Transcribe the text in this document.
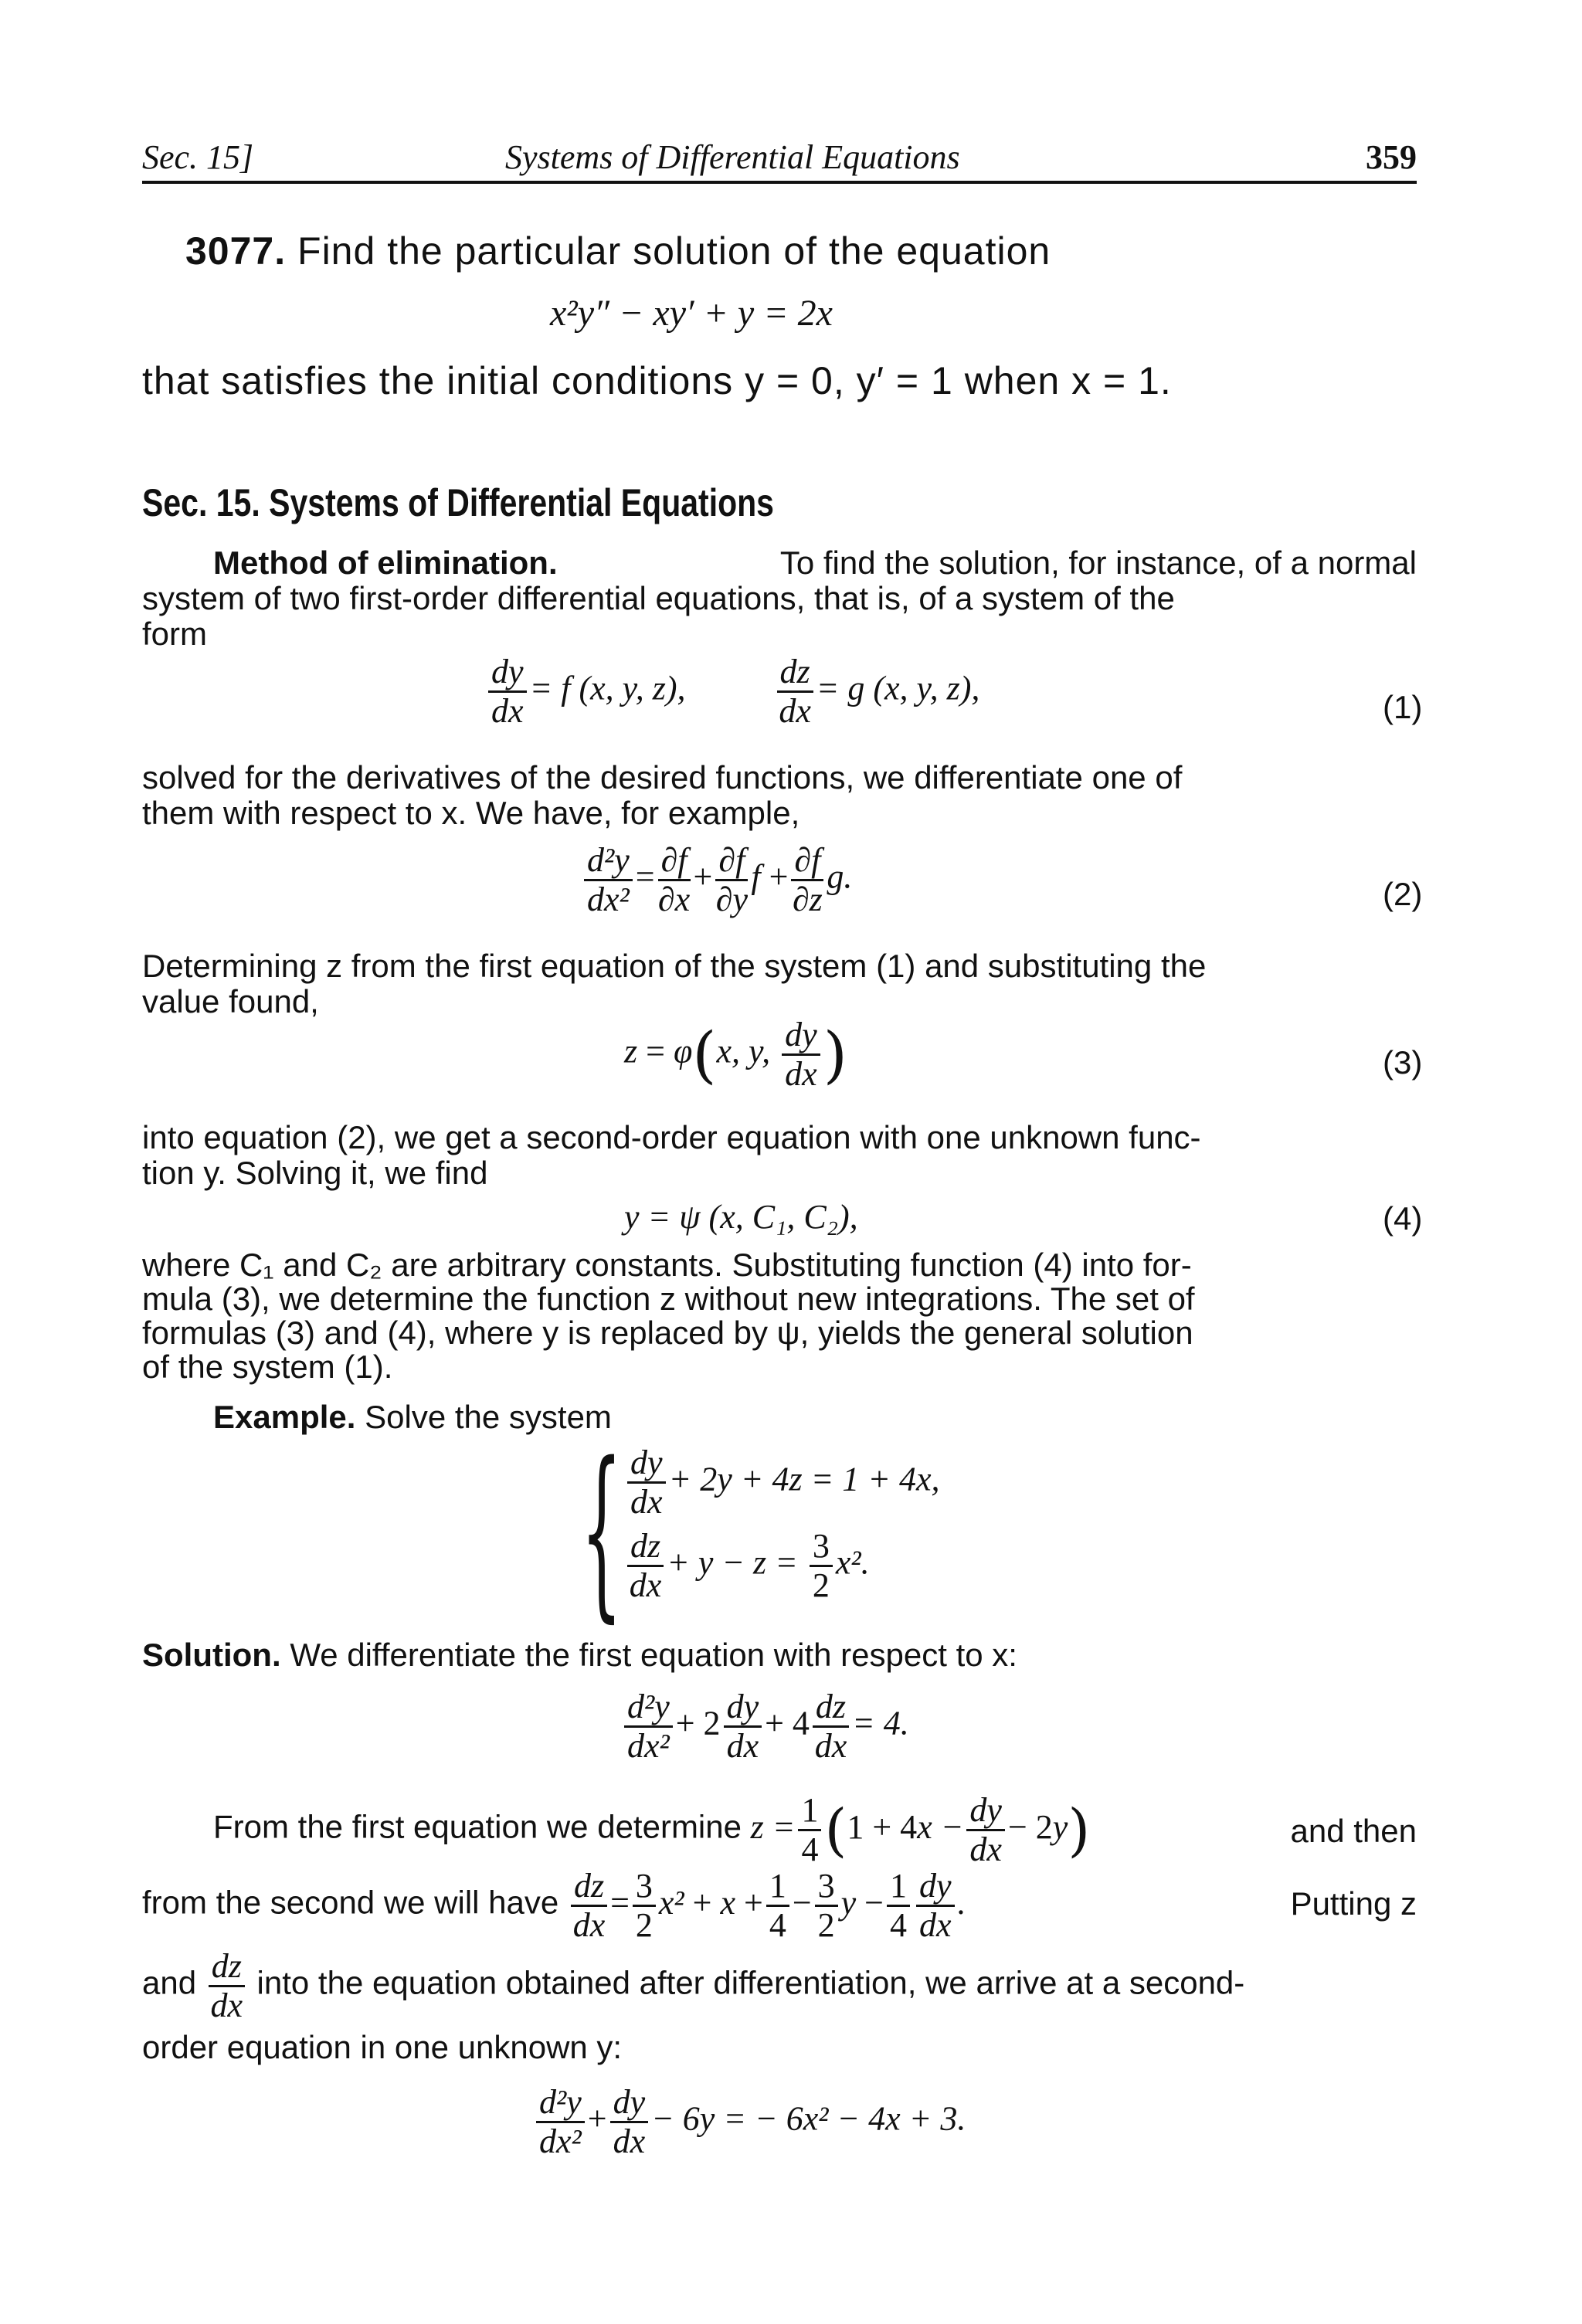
Sec. 15]	Systems of Differential Equations	359
3077. Find the particular solution of the equation
x²y″ − xy′ + y = 2x
that satisfies the initial conditions y = 0, y′ = 1 when x = 1.
Sec. 15. Systems of Differential Equations
Method of elimination.	To find the solution, for instance, of a normal
system of two first-order differential equations, that is, of a system of the
form
$\frac{dy}{dx} = f$ (x, y, z),	$\frac{dz}{dx} = g$ (x, y, z),	(1)
solved for the derivatives of the desired functions, we differentiate one of
them with respect to x. We have, for example,
$\frac{\text{d²y}}{\text{dx²}} = \frac{\partial f}{\partial x} + \frac{\partial f}{\partial y}$ $f + \frac{\partial f}{\partial z} g$.	(2)
Determining z from the first equation of the system (1) and substituting the
value found,
z = φ(x, y, $\frac{dy}{dx}$ )	(3)
into equation (2), we get a second-order equation with one unknown func-
tion y. Solving it, we find
y = ψ (x, C₁, C₂),	(4)
where C₁ and C₂ are arbitrary constants. Substituting function (4) into for-
mula (3), we determine the function z without new integrations. The set of
formulas (3) and (4), where y is replaced by ψ, yields the general solution
of the system (1).
Example. Solve the system
{ $\frac{dy}{dx} + 2y + 4z = 1 + 4x$,
$\frac{dz}{dx} + y - z = \frac{3}{2} x^2$.
Solution. We differentiate the first equation with respect to x:
$\frac{\text{d²y}}{\text{dx²}} + 2 \frac{dy}{dx} + 4 \frac{dz}{dx} = 4$.
From the first equation we determine $z = \frac{1}{4} (1 + 4x - \frac{dy}{dx} - 2y)$	and then
from the second we will have $\frac{dz}{dx} = \frac{3}{2} x^2 + x + \frac{1}{4} - \frac{3}{2}$ $y - \frac{1}{4} \frac{dy}{dx}$ .	Putting z
and $\frac{dz}{dx}$ into the equation obtained after differentiation, we arrive at a second-
order equation in one unknown y:
$\frac{\text{d²y}}{\text{dx²}} + \frac{dy}{dx} - 6y$ = − 6x² − 4x + 3.
